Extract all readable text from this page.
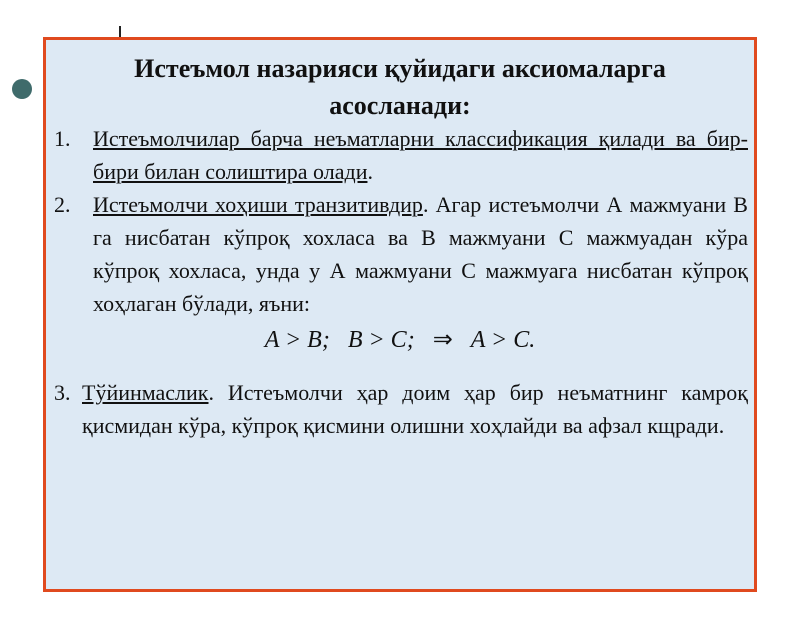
Истеъмол назарияси қуйидаги аксиомаларга асосланади:
1. Истеъмолчилар барча неъматларни классификация қилади ва бир-бири билан солиштира олади.
2. Истеъмолчи хоҳиши транзитивдир. Агар истеъмолчи А мажмуани В га нисбатан кўпроқ хохласа ва В мажмуани С мажмуадан кўра кўпроқ хохласа, унда у А мажмуани С мажмуага нисбатан кўпроқ хоҳлаган бўлади, яъни:
A > B; B > C; ⇒ A > C.
3. Тўйинмаслик. Истеъмолчи ҳар доим ҳар бир неъматнинг камроқ қисмидан кўра, кўпроқ қисмини олишни хоҳлайди ва афзал кщради.
